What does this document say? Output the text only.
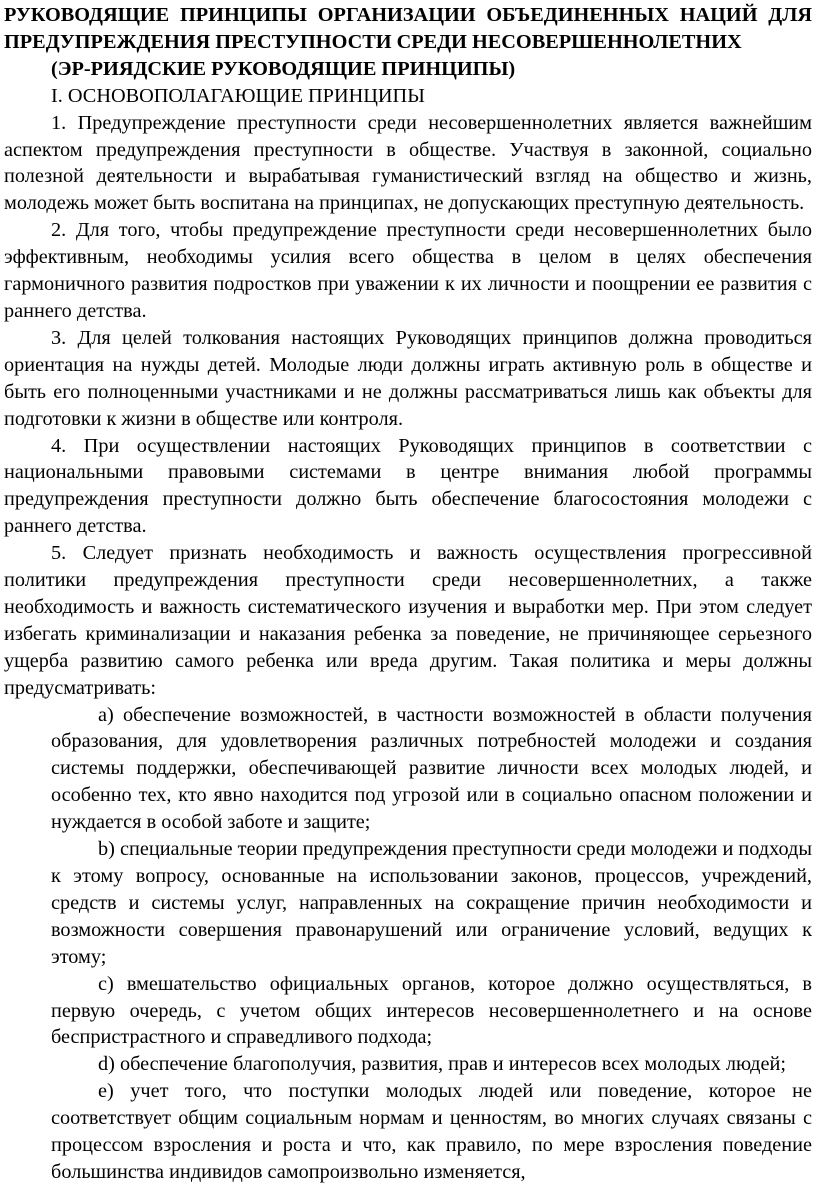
РУКОВОДЯЩИЕ ПРИНЦИПЫ ОРГАНИЗАЦИИ ОБЪЕДИНЕННЫХ НАЦИЙ ДЛЯ ПРЕДУПРЕЖДЕНИЯ ПРЕСТУПНОСТИ СРЕДИ НЕСОВЕРШЕННОЛЕТНИХ

(ЭР-РИЯДСКИЕ РУКОВОДЯЩИЕ ПРИНЦИПЫ)

I. ОСНОВОПОЛАГАЮЩИЕ ПРИНЦИПЫ

1. Предупреждение преступности среди несовершеннолетних является важнейшим аспектом предупреждения преступности в обществе. Участвуя в законной, социально полезной деятельности и вырабатывая гуманистический взгляд на общество и жизнь, молодежь может быть воспитана на принципах, не допускающих преступную деятельность.

2. Для того, чтобы предупреждение преступности среди несовершеннолетних было эффективным, необходимы усилия всего общества в целом в целях обеспечения гармоничного развития подростков при уважении к их личности и поощрении ее развития с раннего детства.

3. Для целей толкования настоящих Руководящих принципов должна проводиться ориентация на нужды детей. Молодые люди должны играть активную роль в обществе и быть его полноценными участниками и не должны рассматриваться лишь как объекты для подготовки к жизни в обществе или контроля.

4. При осуществлении настоящих Руководящих принципов в соответствии с национальными правовыми системами в центре внимания любой программы предупреждения преступности должно быть обеспечение благосостояния молодежи с раннего детства.

5. Следует признать необходимость и важность осуществления прогрессивной политики предупреждения преступности среди несовершеннолетних, а также необходимость и важность систематического изучения и выработки мер. При этом следует избегать криминализации и наказания ребенка за поведение, не причиняющее серьезного ущерба развитию самого ребенка или вреда другим. Такая политика и меры должны предусматривать:

a) обеспечение возможностей, в частности возможностей в области получения образования, для удовлетворения различных потребностей молодежи и создания системы поддержки, обеспечивающей развитие личности всех молодых людей, и особенно тех, кто явно находится под угрозой или в социально опасном положении и нуждается в особой заботе и защите;

b) специальные теории предупреждения преступности среди молодежи и подходы к этому вопросу, основанные на использовании законов, процессов, учреждений, средств и системы услуг, направленных на сокращение причин необходимости и возможности совершения правонарушений или ограничение условий, ведущих к этому;

c) вмешательство официальных органов, которое должно осуществляться, в первую очередь, с учетом общих интересов несовершеннолетнего и на основе беспристрастного и справедливого подхода;

d) обеспечение благополучия, развития, прав и интересов всех молодых людей;

e) учет того, что поступки молодых людей или поведение, которое не соответствует общим социальным нормам и ценностям, во многих случаях связаны с процессом взросления и роста и что, как правило, по мере взросления поведение большинства индивидов самопроизвольно изменяется,
